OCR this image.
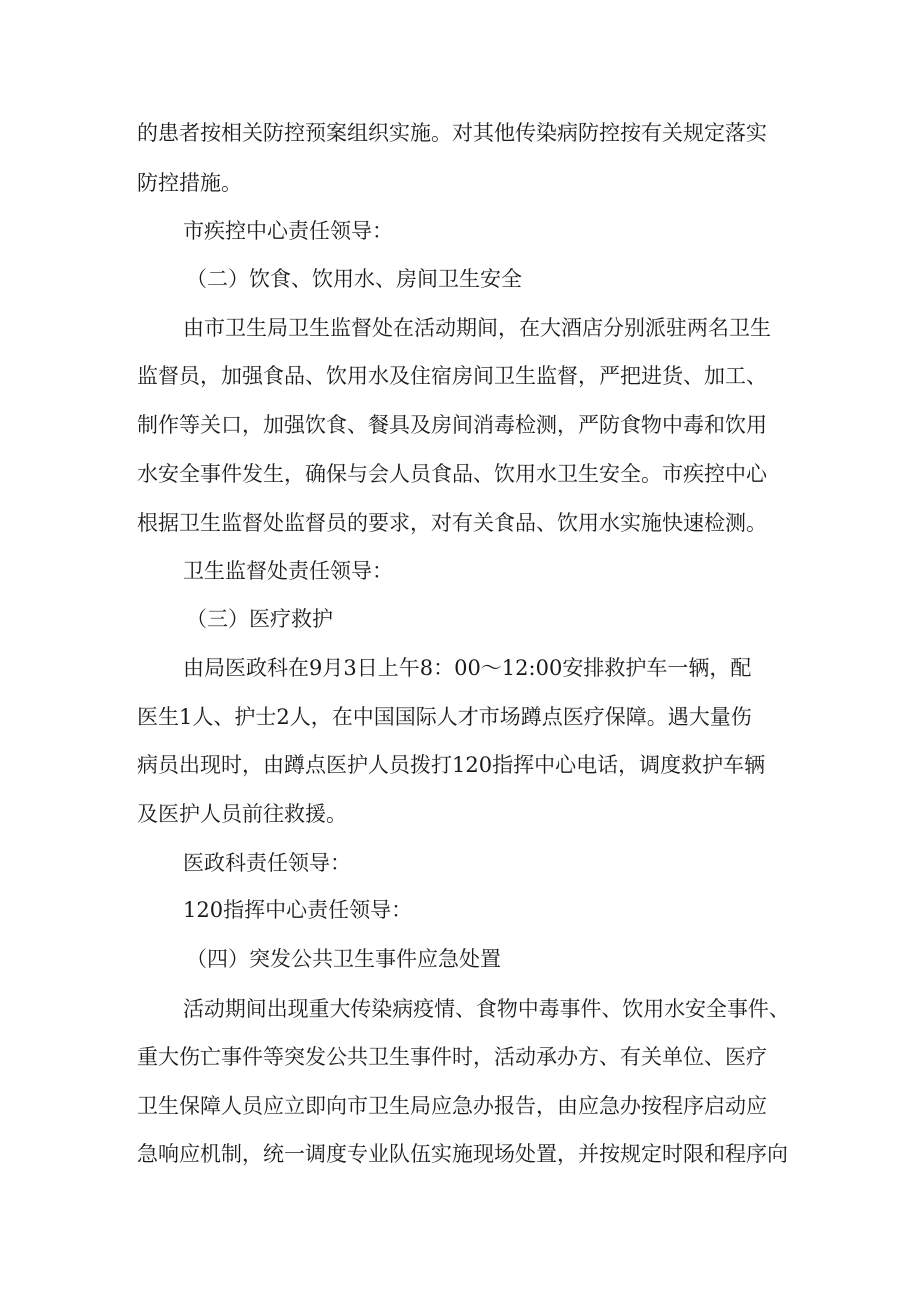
的患者按相关防控预案组织实施。对其他传染病防控按有关规定落实

防控措施。

市疾控中心责任领导：

（二）饮食、饮用水、房间卫生安全

由市卫生局卫生监督处在活动期间，在大酒店分别派驻两名卫生

监督员，加强食品、饮用水及住宿房间卫生监督，严把进货、加工、

制作等关口，加强饮食、餐具及房间消毒检测，严防食物中毒和饮用

水安全事件发生，确保与会人员食品、饮用水卫生安全。市疾控中心

根据卫生监督处监督员的要求，对有关食品、饮用水实施快速检测。

卫生监督处责任领导：

（三）医疗救护

由局医政科在9月3日上午8：00～12:00安排救护车一辆，配

医生1人、护士2人，在中国国际人才市场蹲点医疗保障。遇大量伤

病员出现时，由蹲点医护人员拨打120指挥中心电话，调度救护车辆

及医护人员前往救援。

医政科责任领导：

120指挥中心责任领导：

（四）突发公共卫生事件应急处置

活动期间出现重大传染病疫情、食物中毒事件、饮用水安全事件、

重大伤亡事件等突发公共卫生事件时，活动承办方、有关单位、医疗

卫生保障人员应立即向市卫生局应急办报告，由应急办按程序启动应

急响应机制，统一调度专业队伍实施现场处置，并按规定时限和程序向
